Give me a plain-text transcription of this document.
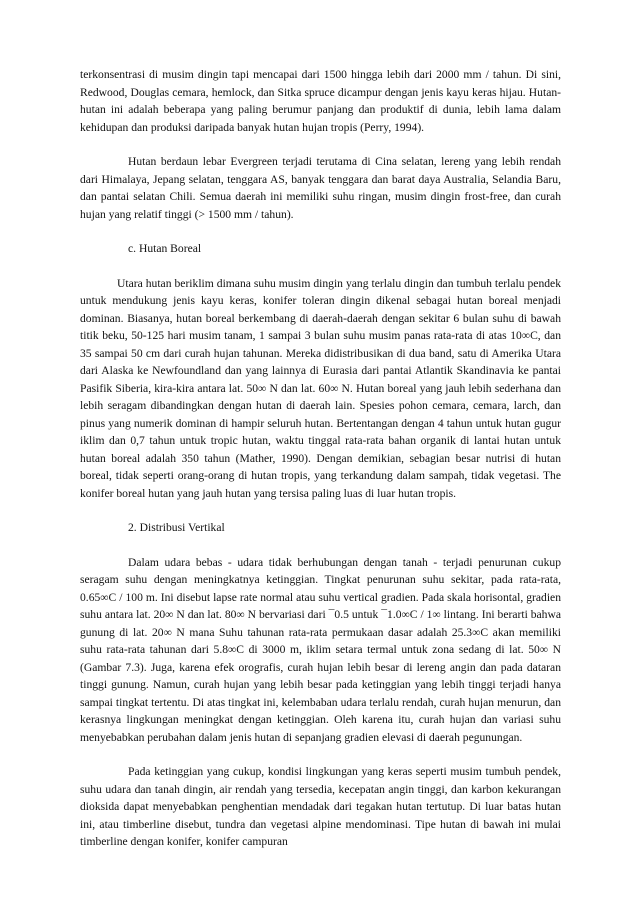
terkonsentrasi di musim dingin tapi mencapai dari 1500 hingga lebih dari 2000 mm / tahun. Di sini, Redwood, Douglas cemara, hemlock, dan Sitka spruce dicampur dengan jenis kayu keras hijau. Hutan-hutan ini adalah beberapa yang paling berumur panjang dan produktif di dunia, lebih lama dalam kehidupan dan produksi daripada banyak hutan hujan tropis (Perry, 1994).

Hutan berdaun lebar Evergreen terjadi terutama di Cina selatan, lereng yang lebih rendah dari Himalaya, Jepang selatan, tenggara AS, banyak tenggara dan barat daya Australia, Selandia Baru, dan pantai selatan Chili. Semua daerah ini memiliki suhu ringan, musim dingin frost-free, dan curah hujan yang relatif tinggi (> 1500 mm / tahun).

c. Hutan Boreal

Utara hutan beriklim dimana suhu musim dingin yang terlalu dingin dan tumbuh terlalu pendek untuk mendukung jenis kayu keras, konifer toleran dingin dikenal sebagai hutan boreal menjadi dominan. Biasanya, hutan boreal berkembang di daerah-daerah dengan sekitar 6 bulan suhu di bawah titik beku, 50-125 hari musim tanam, 1 sampai 3 bulan suhu musim panas rata-rata di atas 10∞C, dan 35 sampai 50 cm dari curah hujan tahunan. Mereka didistribusikan di dua band, satu di Amerika Utara dari Alaska ke Newfoundland dan yang lainnya di Eurasia dari pantai Atlantik Skandinavia ke pantai Pasifik Siberia, kira-kira antara lat. 50∞ N dan lat. 60∞ N. Hutan boreal yang jauh lebih sederhana dan lebih seragam dibandingkan dengan hutan di daerah lain. Spesies pohon cemara, cemara, larch, dan pinus yang numerik dominan di hampir seluruh hutan. Bertentangan dengan 4 tahun untuk hutan gugur iklim dan 0,7 tahun untuk tropic hutan, waktu tinggal rata-rata bahan organik di lantai hutan untuk hutan boreal adalah 350 tahun (Mather, 1990). Dengan demikian, sebagian besar nutrisi di hutan boreal, tidak seperti orang-orang di hutan tropis, yang terkandung dalam sampah, tidak vegetasi. The konifer boreal hutan yang jauh hutan yang tersisa paling luas di luar hutan tropis.

2. Distribusi Vertikal

Dalam udara bebas - udara tidak berhubungan dengan tanah - terjadi penurunan cukup seragam suhu dengan meningkatnya ketinggian. Tingkat penurunan suhu sekitar, pada rata-rata, 0.65∞C / 100 m. Ini disebut lapse rate normal atau suhu vertical gradien. Pada skala horisontal, gradien suhu antara lat. 20∞ N dan lat. 80∞ N bervariasi dari ¯0.5 untuk ¯1.0∞C / 1∞ lintang. Ini berarti bahwa gunung di lat. 20∞ N mana Suhu tahunan rata-rata permukaan dasar adalah 25.3∞C akan memiliki suhu rata-rata tahunan dari 5.8∞C di 3000 m, iklim setara termal untuk zona sedang di lat. 50∞ N (Gambar 7.3). Juga, karena efek orografis, curah hujan lebih besar di lereng angin dan pada dataran tinggi gunung. Namun, curah hujan yang lebih besar pada ketinggian yang lebih tinggi terjadi hanya sampai tingkat tertentu. Di atas tingkat ini, kelembaban udara terlalu rendah, curah hujan menurun, dan kerasnya lingkungan meningkat dengan ketinggian. Oleh karena itu, curah hujan dan variasi suhu menyebabkan perubahan dalam jenis hutan di sepanjang gradien elevasi di daerah pegunungan.

Pada ketinggian yang cukup, kondisi lingkungan yang keras seperti musim tumbuh pendek, suhu udara dan tanah dingin, air rendah yang tersedia, kecepatan angin tinggi, dan karbon kekurangan dioksida dapat menyebabkan penghentian mendadak dari tegakan hutan tertutup. Di luar batas hutan ini, atau timberline disebut, tundra dan vegetasi alpine mendominasi. Tipe hutan di bawah ini mulai timberline dengan konifer, konifer campuran
